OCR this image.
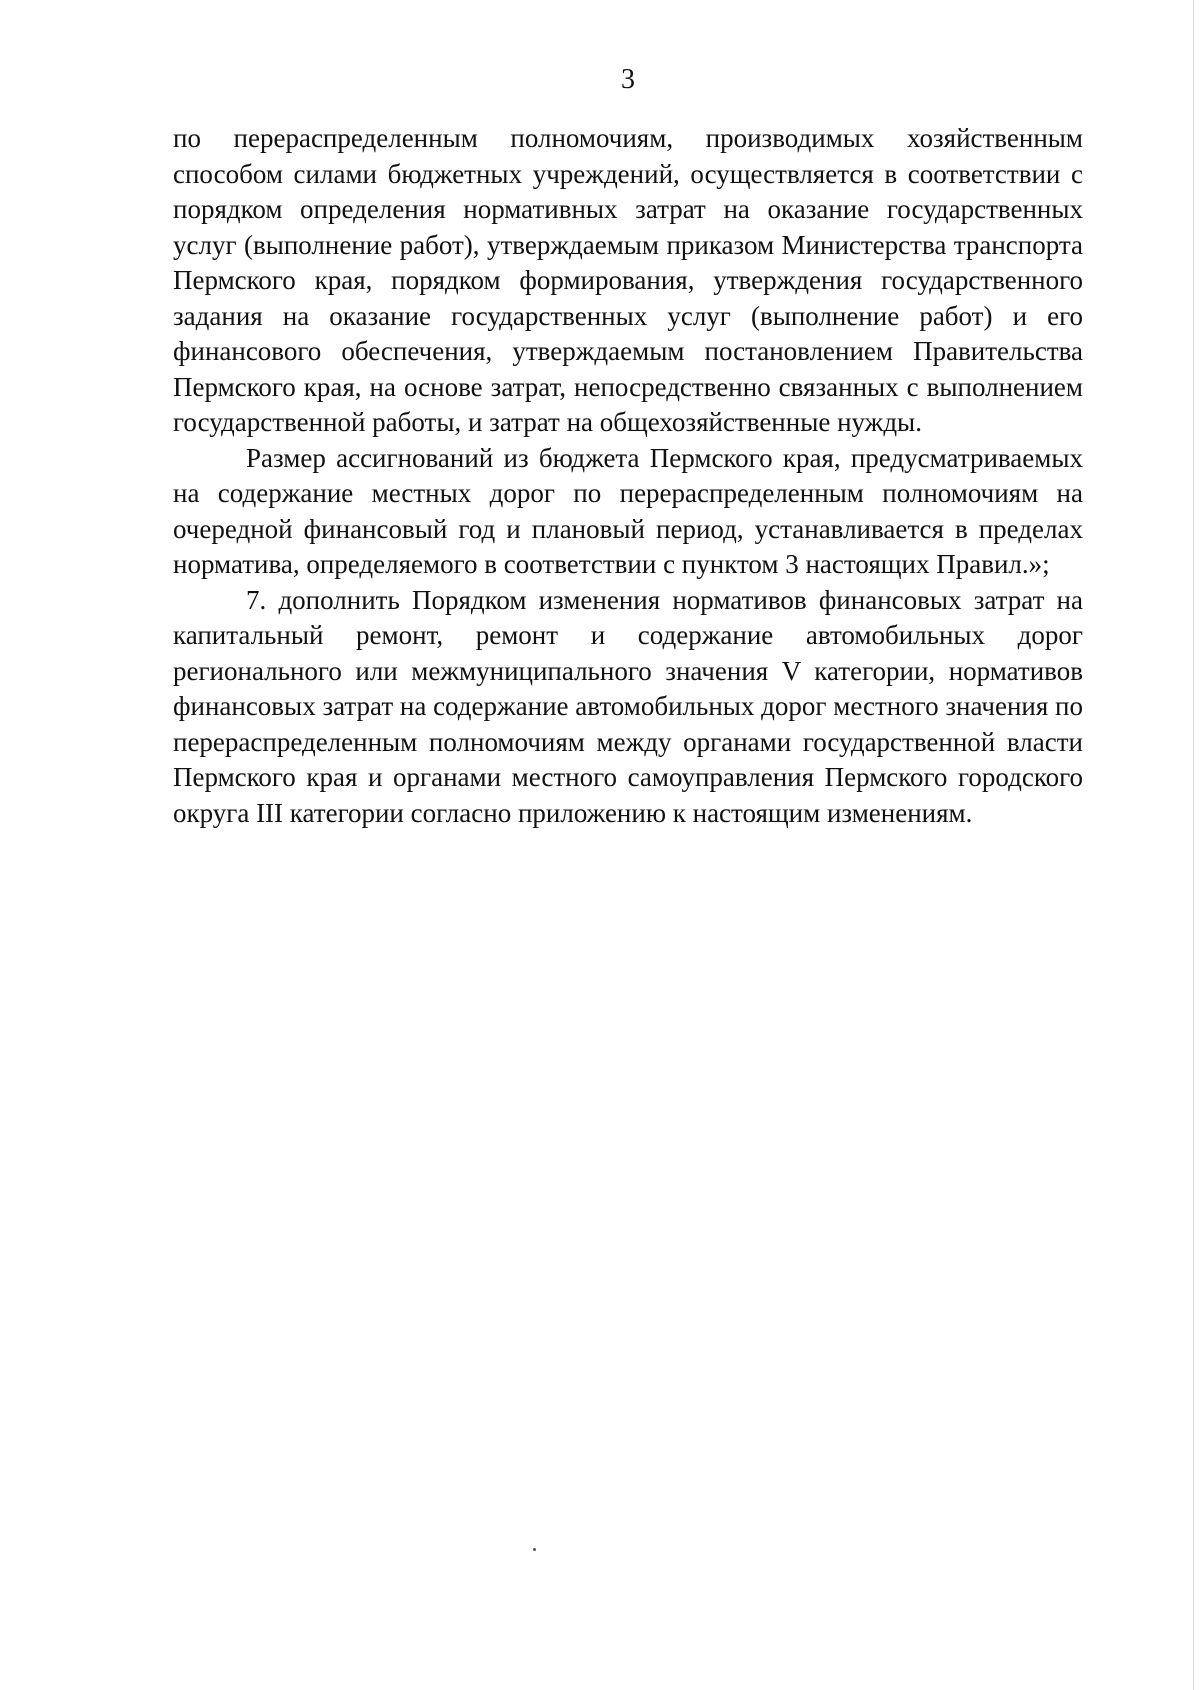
3

по перераспределенным полномочиям, производимых хозяйственным способом силами бюджетных учреждений, осуществляется в соответствии с порядком определения нормативных затрат на оказание государственных услуг (выполнение работ), утверждаемым приказом Министерства транспорта Пермского края, порядком формирования, утверждения государственного задания на оказание государственных услуг (выполнение работ) и его финансового обеспечения, утверждаемым постановлением Правительства Пермского края, на основе затрат, непосредственно связанных с выполнением государственной работы, и затрат на общехозяйственные нужды.

Размер ассигнований из бюджета Пермского края, предусматриваемых на содержание местных дорог по перераспределенным полномочиям на очередной финансовый год и плановый период, устанавливается в пределах норматива, определяемого в соответствии с пунктом 3 настоящих Правил.»;

7. дополнить Порядком изменения нормативов финансовых затрат на капитальный ремонт, ремонт и содержание автомобильных дорог регионального или межмуниципального значения V категории, нормативов финансовых затрат на содержание автомобильных дорог местного значения по перераспределенным полномочиям между органами государственной власти Пермского края и органами местного самоуправления Пермского городского округа III категории согласно приложению к настоящим изменениям.
